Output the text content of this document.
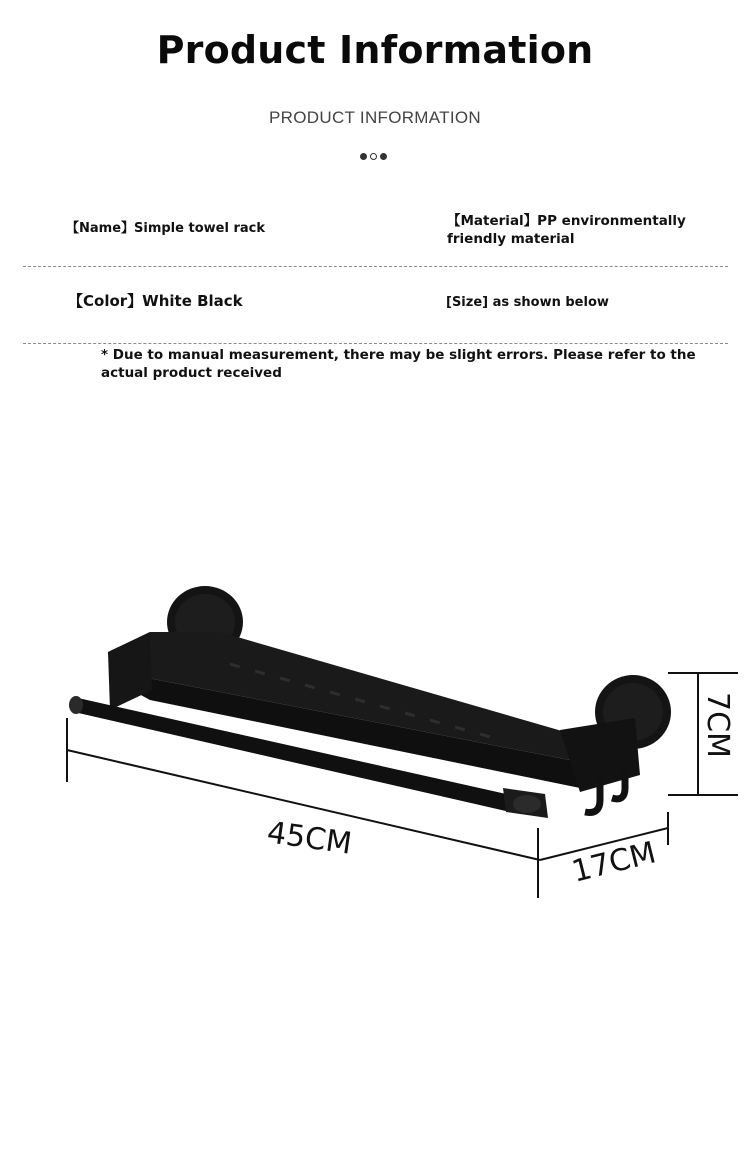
Product Information
PRODUCT INFORMATION
【Name】Simple towel rack	【Material】PP environmentally friendly material
【Color】White Black	[Size] as shown below
* Due to manual measurement, there may be slight errors. Please refer to the actual product received
45CM	17CM
7CM
